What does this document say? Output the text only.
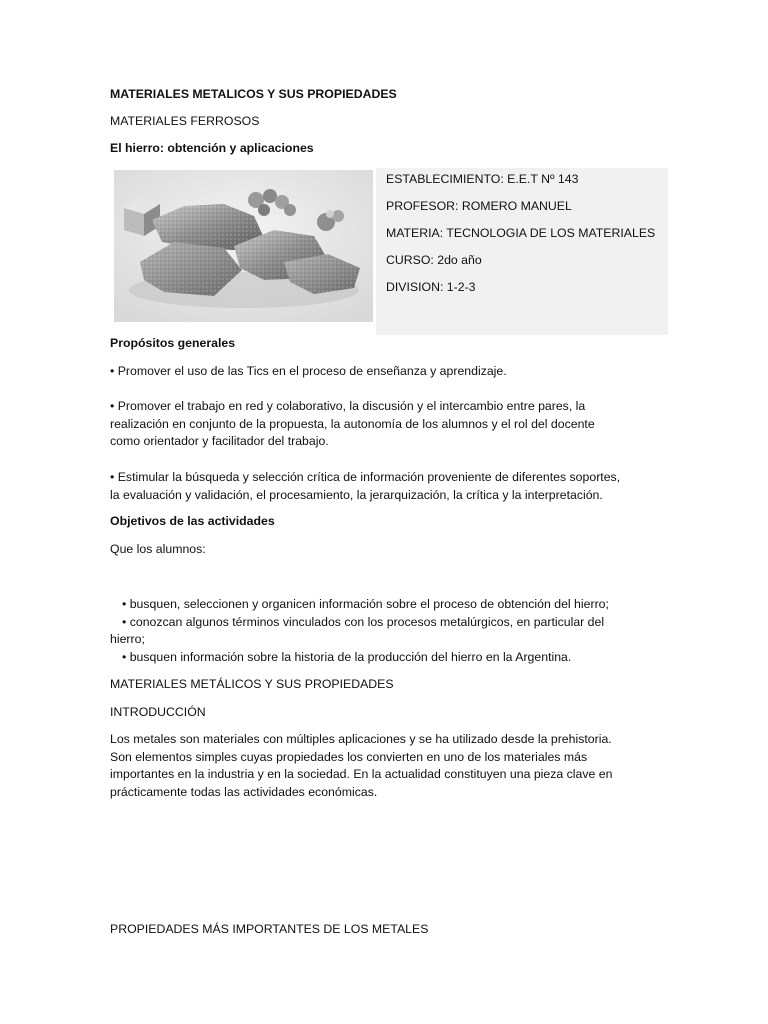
MATERIALES METALICOS Y SUS PROPIEDADES
MATERIALES FERROSOS
El hierro: obtención y aplicaciones
ESTABLECIMIENTO: E.E.T Nº 143
PROFESOR: ROMERO MANUEL
MATERIA: TECNOLOGIA DE LOS MATERIALES
CURSO: 2do año
DIVISION: 1-2-3
Propósitos generales
• Promover el uso de las Tics en el proceso de enseñanza y aprendizaje.
• Promover el trabajo en red y colaborativo, la discusión y el intercambio entre pares, la
realización en conjunto de la propuesta, la autonomía de los alumnos y el rol del docente
como orientador y facilitador del trabajo.
• Estimular la búsqueda y selección crítica de información proveniente de diferentes soportes,
la evaluación y validación, el procesamiento, la jerarquización, la crítica y la interpretación.
Objetivos de las actividades
Que los alumnos:
• busquen, seleccionen y organicen información sobre el proceso de obtención del hierro;
• conozcan algunos términos vinculados con los procesos metalúrgicos, en particular del
hierro;
• busquen información sobre la historia de la producción del hierro en la Argentina.
MATERIALES METÁLICOS Y SUS PROPIEDADES
INTRODUCCIÓN
Los metales son materiales con múltiples aplicaciones y se ha utilizado desde la prehistoria.
Son elementos simples cuyas propiedades los convierten en uno de los materiales más
importantes en la industria y en la sociedad. En la actualidad constituyen una pieza clave en
prácticamente todas las actividades económicas.
PROPIEDADES MÁS IMPORTANTES DE LOS METALES
